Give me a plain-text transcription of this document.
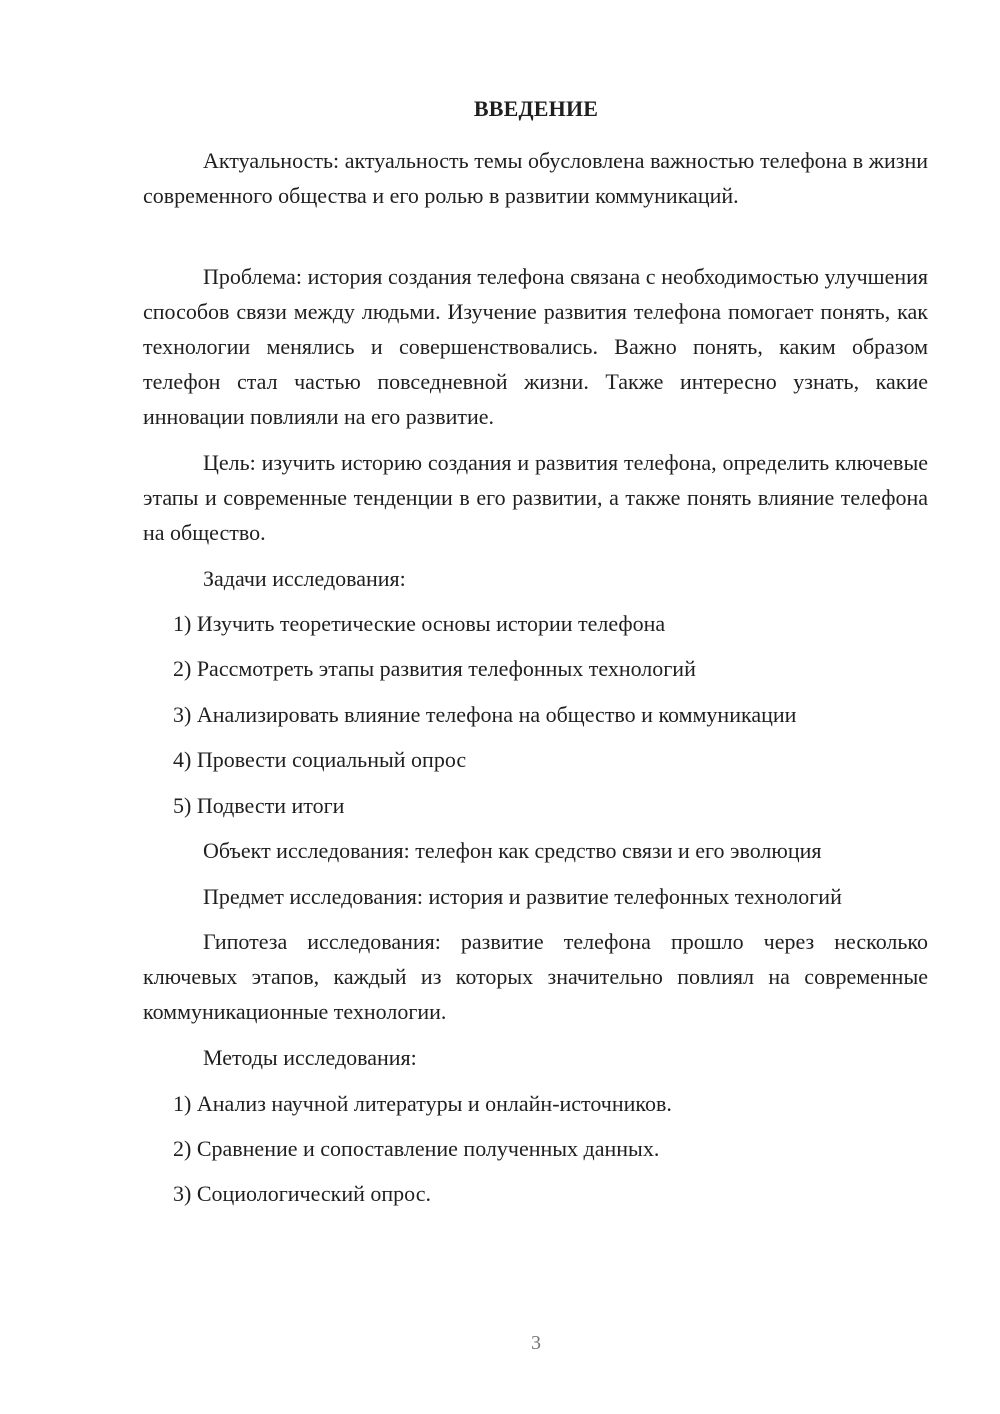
ВВЕДЕНИЕ
Актуальность: актуальность темы обусловлена важностью телефона в жизни современного общества и его ролью в развитии коммуникаций.
Проблема: история создания телефона связана с необходимостью улучшения способов связи между людьми. Изучение развития телефона помогает понять, как технологии менялись и совершенствовались. Важно понять, каким образом телефон стал частью повседневной жизни. Также интересно узнать, какие инновации повлияли на его развитие.
Цель: изучить историю создания и развития телефона, определить ключевые этапы и современные тенденции в его развитии, а также понять влияние телефона на общество.
Задачи исследования:
1) Изучить теоретические основы истории телефона
2) Рассмотреть этапы развития телефонных технологий
3) Анализировать влияние телефона на общество и коммуникации
4) Провести социальный опрос
5) Подвести итоги
Объект исследования: телефон как средство связи и его эволюция
Предмет исследования: история и развитие телефонных технологий
Гипотеза исследования: развитие телефона прошло через несколько ключевых этапов, каждый из которых значительно повлиял на современные коммуникационные технологии.
Методы исследования:
1) Анализ научной литературы и онлайн-источников.
2) Сравнение и сопоставление полученных данных.
3) Социологический опрос.
3
